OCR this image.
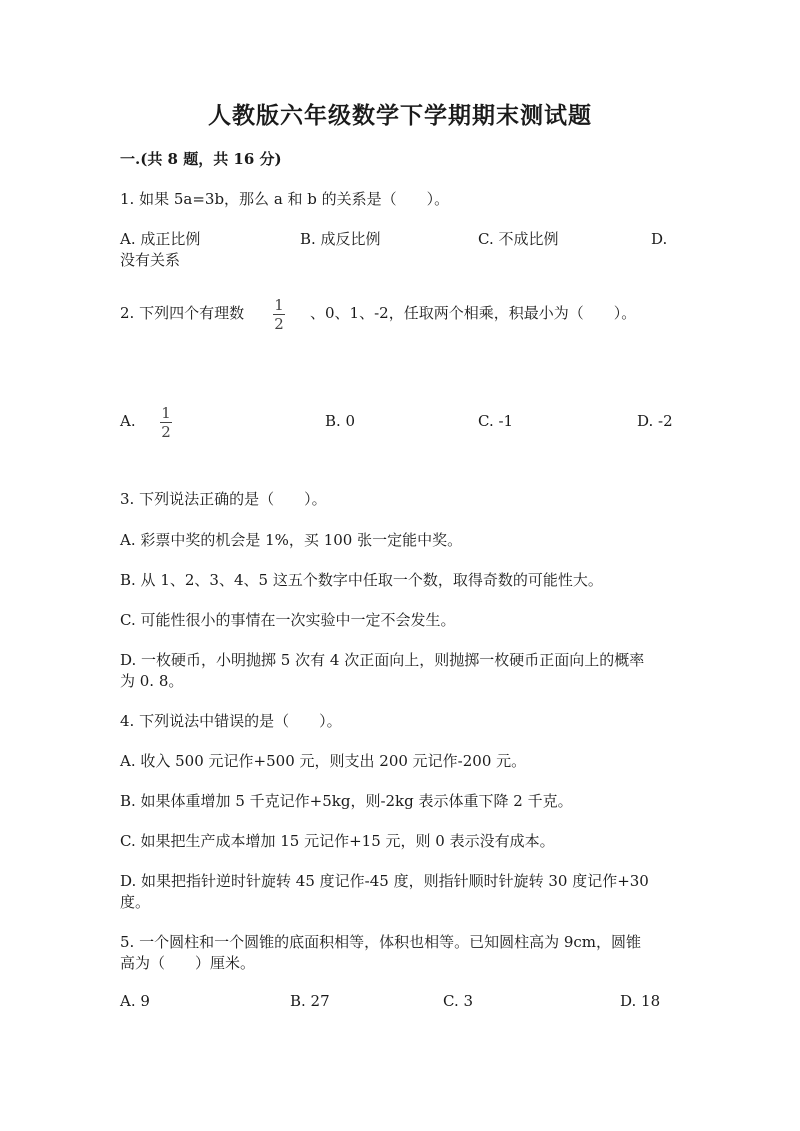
人教版六年级数学下学期期末测试题
一.(共 8 题，共 16 分)
1. 如果 5a=3b，那么 a 和 b 的关系是（　　）。
A. 成正比例	B. 成反比例	C. 不成比例	D.
没有关系
2. 下列四个有理数 1
2
、0、1、-2，任取两个相乘，积最小为（　　）。
A. 1
2
B. 0	C. -1	D. -2
3. 下列说法正确的是（　　）。
A. 彩票中奖的机会是 1%，买 100 张一定能中奖。
B. 从 1、2、3、4、5 这五个数字中任取一个数，取得奇数的可能性大。
C. 可能性很小的事情在一次实验中一定不会发生。
D. 一枚硬币，小明抛掷 5 次有 4 次正面向上，则抛掷一枚硬币正面向上的概率
为 0. 8。
4. 下列说法中错误的是（　　）。
A. 收入 500 元记作+500 元，则支出 200 元记作-200 元。
B. 如果体重增加 5 千克记作+5kg，则-2kg 表示体重下降 2 千克。
C. 如果把生产成本增加 15 元记作+15 元，则 0 表示没有成本。
D. 如果把指针逆时针旋转 45 度记作-45 度，则指针顺时针旋转 30 度记作+30
度。
5. 一个圆柱和一个圆锥的底面积相等，体积也相等。已知圆柱高为 9cm，圆锥
高为（　　）厘米。
A. 9	B. 27	C. 3	D. 18
